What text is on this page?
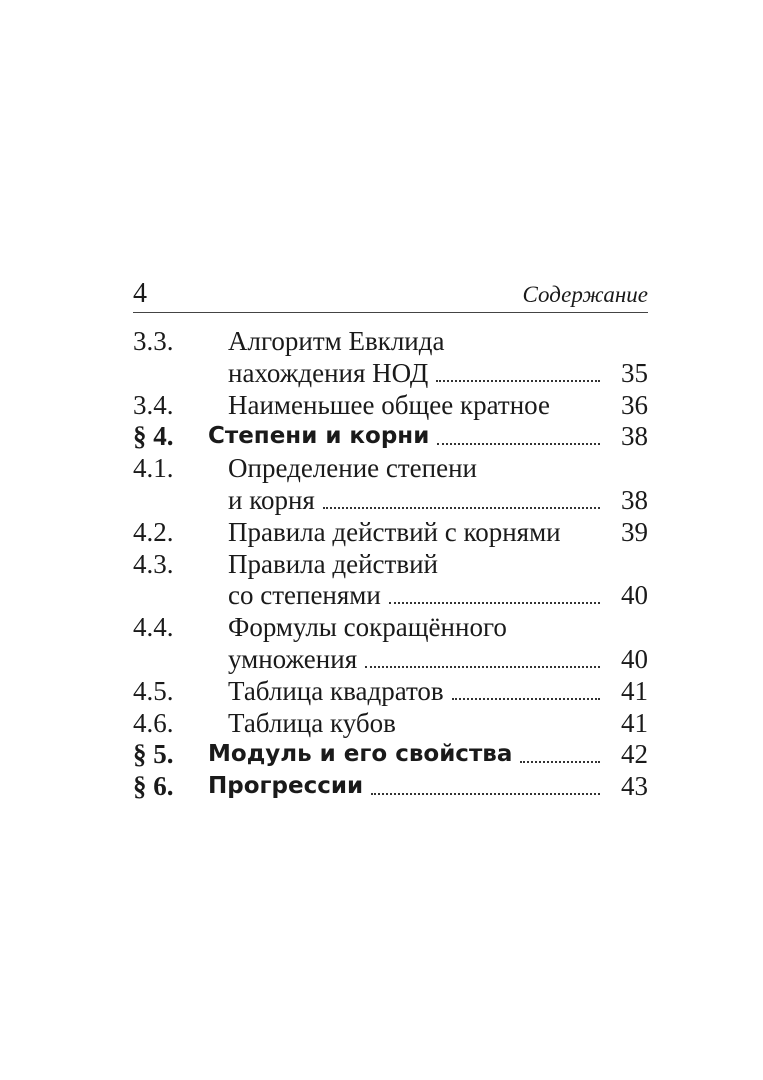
4	Содержание
3.3.	Алгоритм Евклида
нахождения НОД	35
3.4.	Наименьшее общее кратное	36
§ 4.	Степени и корни	38
4.1.	Определение степени
и корня	38
4.2.	Правила действий с корнями	39
4.3.	Правила действий
со степенями	40
4.4.	Формулы сокращённого
умножения	40
4.5.	Таблица квадратов	41
4.6.	Таблица кубов	41
§ 5.	Модуль и его свойства	42
§ 6.	Прогрессии	43
